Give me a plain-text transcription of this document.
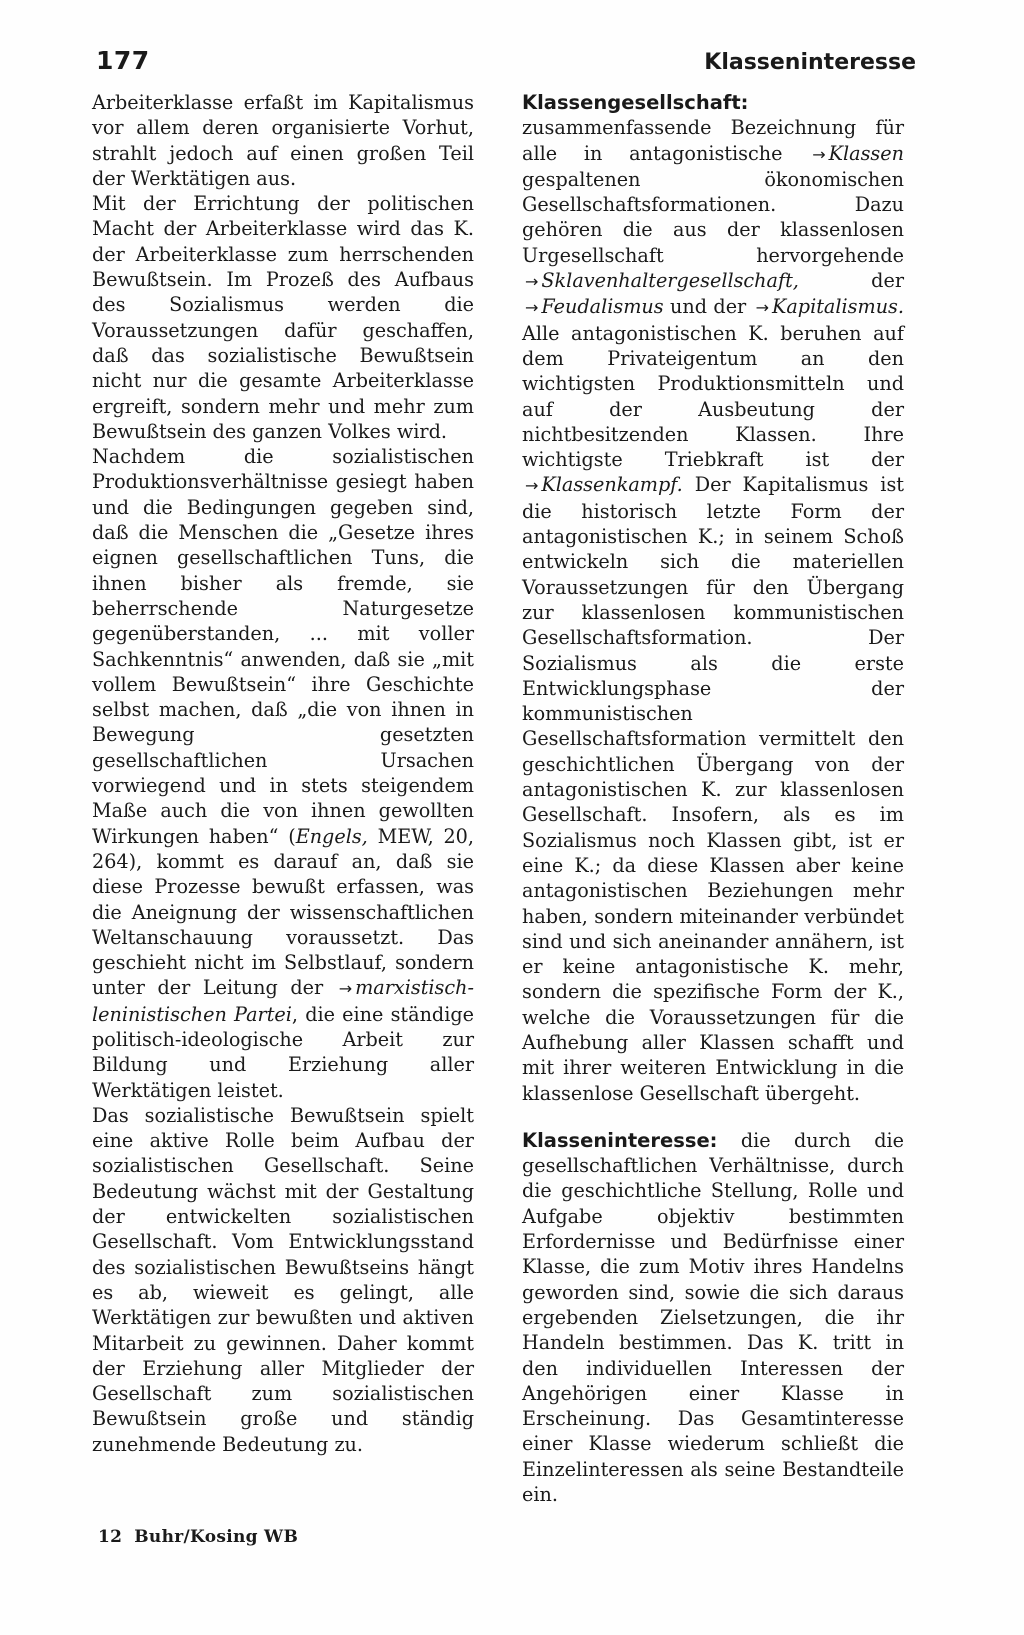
177	Klasseninteresse

Arbeiterklasse erfaßt im Kapitalismus vor allem deren organisierte Vorhut, strahlt jedoch auf einen großen Teil der Werktätigen aus.

Mit der Errichtung der politischen Macht der Arbeiterklasse wird das K. der Arbeiterklasse zum herrschenden Bewußtsein. Im Prozeß des Aufbaus des Sozialismus werden die Voraussetzungen dafür geschaffen, daß das sozialistische Bewußtsein nicht nur die gesamte Arbeiterklasse ergreift, sondern mehr und mehr zum Bewußtsein des ganzen Volkes wird.

Nachdem die sozialistischen Produktionsverhältnisse gesiegt haben und die Bedingungen gegeben sind, daß die Menschen die „Gesetze ihres eignen gesellschaftlichen Tuns, die ihnen bisher als fremde, sie beherrschende Naturgesetze gegenüberstanden, ... mit voller Sachkenntnis“ anwenden, daß sie „mit vollem Bewußtsein“ ihre Geschichte selbst machen, daß „die von ihnen in Bewegung gesetzten gesellschaftlichen Ursachen vorwiegend und in stets steigendem Maße auch die von ihnen gewollten Wirkungen haben“ (Engels, MEW, 20, 264), kommt es darauf an, daß sie diese Prozesse bewußt erfassen, was die Aneignung der wissenschaftlichen Weltanschauung voraussetzt. Das geschieht nicht im Selbstlauf, sondern unter der Leitung der → marxistisch-leninistischen Partei, die eine ständige politisch-ideologische Arbeit zur Bildung und Erziehung aller Werktätigen leistet.

Das sozialistische Bewußtsein spielt eine aktive Rolle beim Aufbau der sozialistischen Gesellschaft. Seine Bedeutung wächst mit der Gestaltung der entwickelten sozialistischen Gesellschaft. Vom Entwicklungsstand des sozialistischen Bewußtseins hängt es ab, wieweit es gelingt, alle Werktätigen zur bewußten und aktiven Mitarbeit zu gewinnen. Daher kommt der Erziehung aller Mitglieder der Gesellschaft zum sozialistischen Bewußtsein große und ständig zunehmende Bedeutung zu.

Klassengesellschaft: zusammenfassende Bezeichnung für alle in antagonistische → Klassen gespaltenen ökonomischen Gesellschaftsformationen. Dazu gehören die aus der klassenlosen Urgesellschaft hervorgehende → Sklavenhaltergesellschaft, der → Feudalismus und der → Kapitalismus. Alle antagonistischen K. beruhen auf dem Privateigentum an den wichtigsten Produktionsmitteln und auf der Ausbeutung der nichtbesitzenden Klassen. Ihre wichtigste Triebkraft ist der → Klassenkampf. Der Kapitalismus ist die historisch letzte Form der antagonistischen K.; in seinem Schoß entwickeln sich die materiellen Voraussetzungen für den Übergang zur klassenlosen kommunistischen Gesellschaftsformation. Der Sozialismus als die erste Entwicklungsphase der kommunistischen Gesellschaftsformation vermittelt den geschichtlichen Übergang von der antagonistischen K. zur klassenlosen Gesellschaft. Insofern, als es im Sozialismus noch Klassen gibt, ist er eine K.; da diese Klassen aber keine antagonistischen Beziehungen mehr haben, sondern miteinander verbündet sind und sich aneinander annähern, ist er keine antagonistische K. mehr, sondern die spezifische Form der K., welche die Voraussetzungen für die Aufhebung aller Klassen schafft und mit ihrer weiteren Entwicklung in die klassenlose Gesellschaft übergeht.

Klasseninteresse: die durch die gesellschaftlichen Verhältnisse, durch die geschichtliche Stellung, Rolle und Aufgabe objektiv bestimmten Erfordernisse und Bedürfnisse einer Klasse, die zum Motiv ihres Handelns geworden sind, sowie die sich daraus ergebenden Zielsetzungen, die ihr Handeln bestimmen. Das K. tritt in den individuellen Interessen der Angehörigen einer Klasse in Erscheinung. Das Gesamtinteresse einer Klasse wiederum schließt die Einzelinteressen als seine Bestandteile ein.

12 Buhr/Kosing WB
